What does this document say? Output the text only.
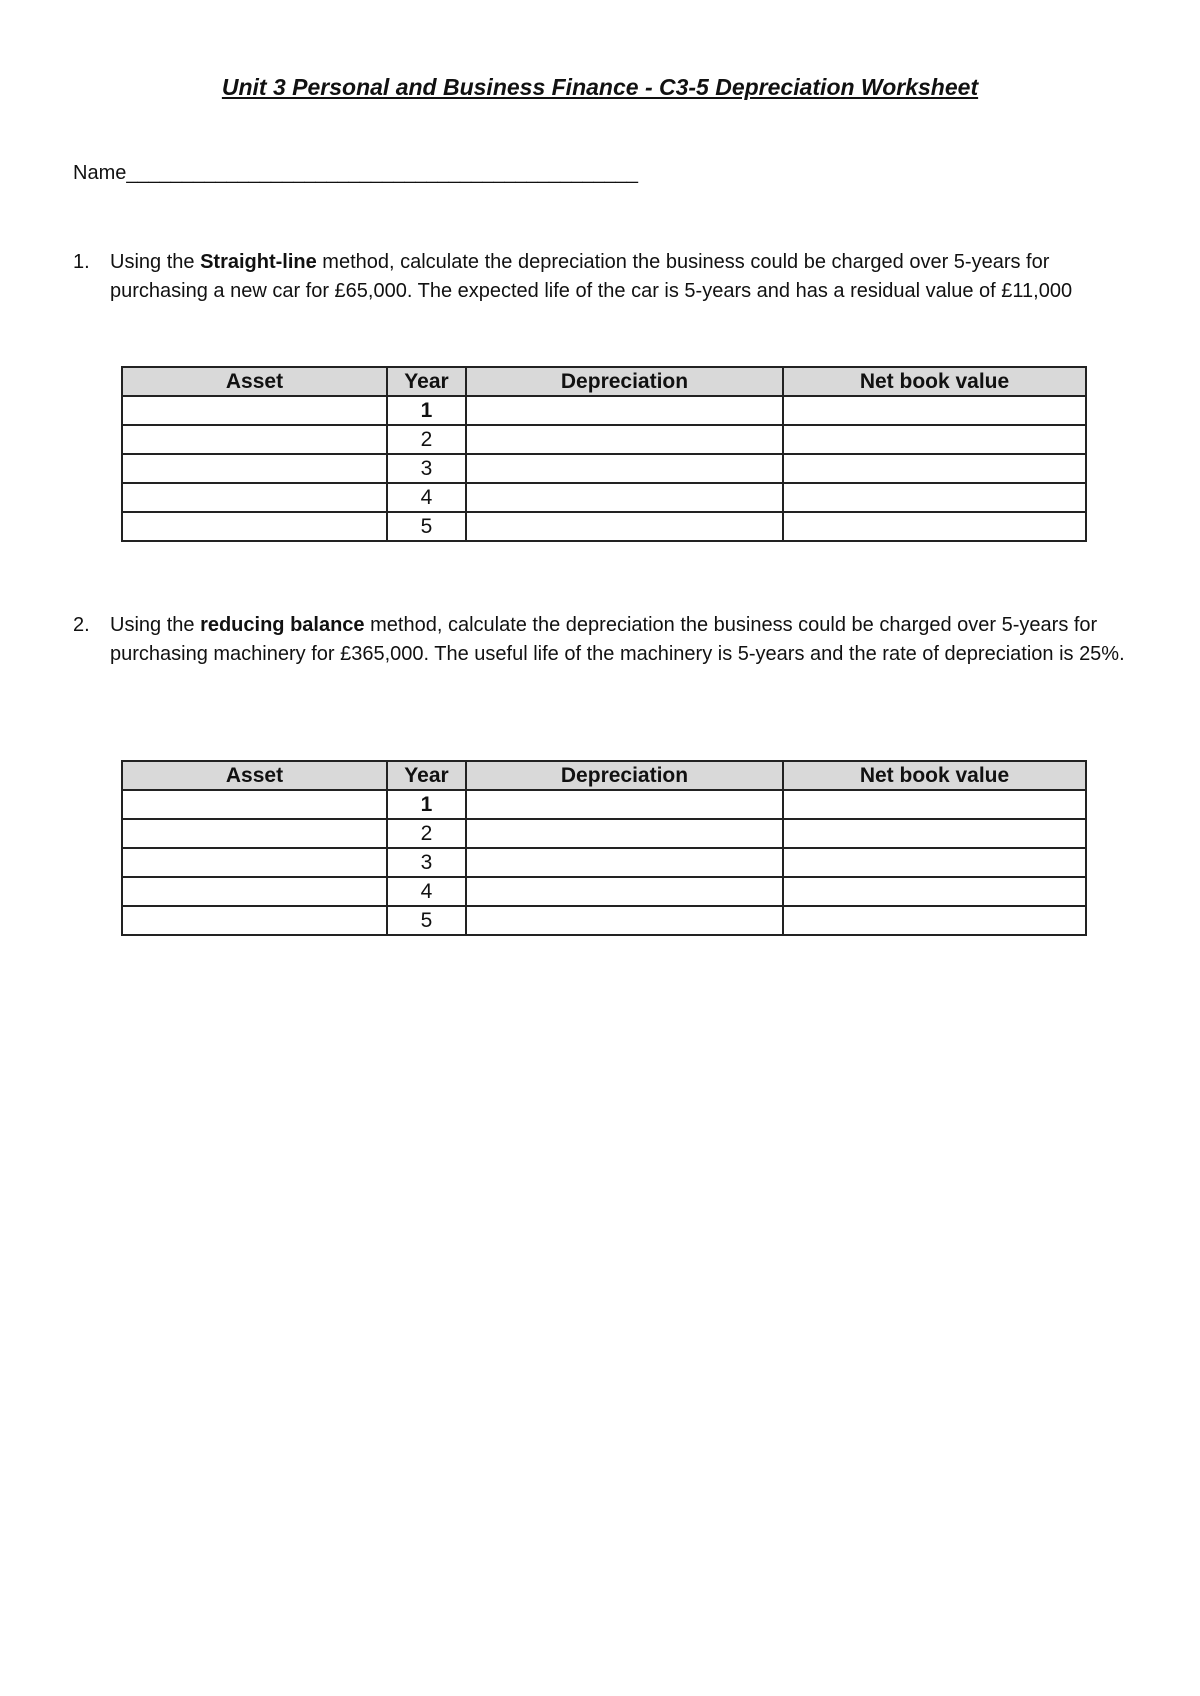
Unit 3 Personal and Business Finance - C3-5 Depreciation Worksheet
Name______________________________________________
1.	Using the Straight-line method, calculate the depreciation the business could be charged over 5-years for purchasing a new car for £65,000. The expected life of the car is 5-years and has a residual value of £11,000
Asset	Year	Depreciation	Net book value
	1		
	2		
	3		
	4		
	5		
2.	Using the reducing balance method, calculate the depreciation the business could be charged over 5-years for purchasing machinery for £365,000. The useful life of the machinery is 5-years and the rate of depreciation is 25%.
Asset	Year	Depreciation	Net book value
	1		
	2		
	3		
	4		
	5		
